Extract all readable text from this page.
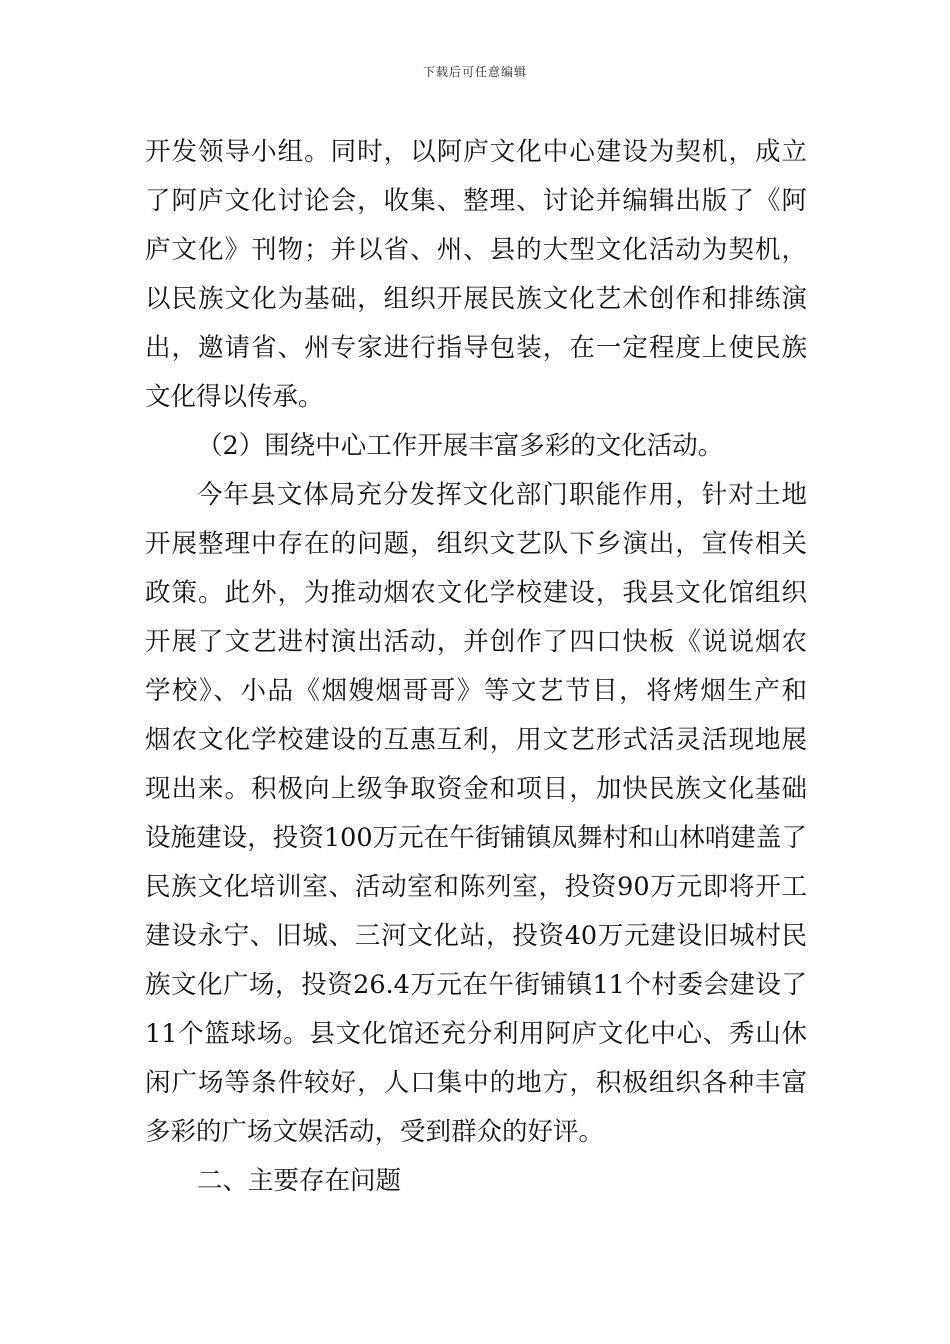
下载后可任意编辑
开发领导小组。同时，以阿庐文化中心建设为契机，成立
了阿庐文化讨论会，收集、整理、讨论并编辑出版了《阿
庐文化》刊物；并以省、州、县的大型文化活动为契机，
以民族文化为基础，组织开展民族文化艺术创作和排练演
出，邀请省、州专家进行指导包装，在一定程度上使民族
文化得以传承。
（2）围绕中心工作开展丰富多彩的文化活动。
今年县文体局充分发挥文化部门职能作用，针对土地
开展整理中存在的问题，组织文艺队下乡演出，宣传相关
政策。此外，为推动烟农文化学校建设，我县文化馆组织
开展了文艺进村演出活动，并创作了四口快板《说说烟农
学校》、小品《烟嫂烟哥哥》等文艺节目，将烤烟生产和
烟农文化学校建设的互惠互利，用文艺形式活灵活现地展
现出来。积极向上级争取资金和项目，加快民族文化基础
设施建设，投资100万元在午街铺镇凤舞村和山林哨建盖了
民族文化培训室、活动室和陈列室，投资90万元即将开工
建设永宁、旧城、三河文化站，投资40万元建设旧城村民
族文化广场，投资26.4万元在午街铺镇11个村委会建设了
11个篮球场。县文化馆还充分利用阿庐文化中心、秀山休
闲广场等条件较好，人口集中的地方，积极组织各种丰富
多彩的广场文娱活动，受到群众的好评。
二、主要存在问题
